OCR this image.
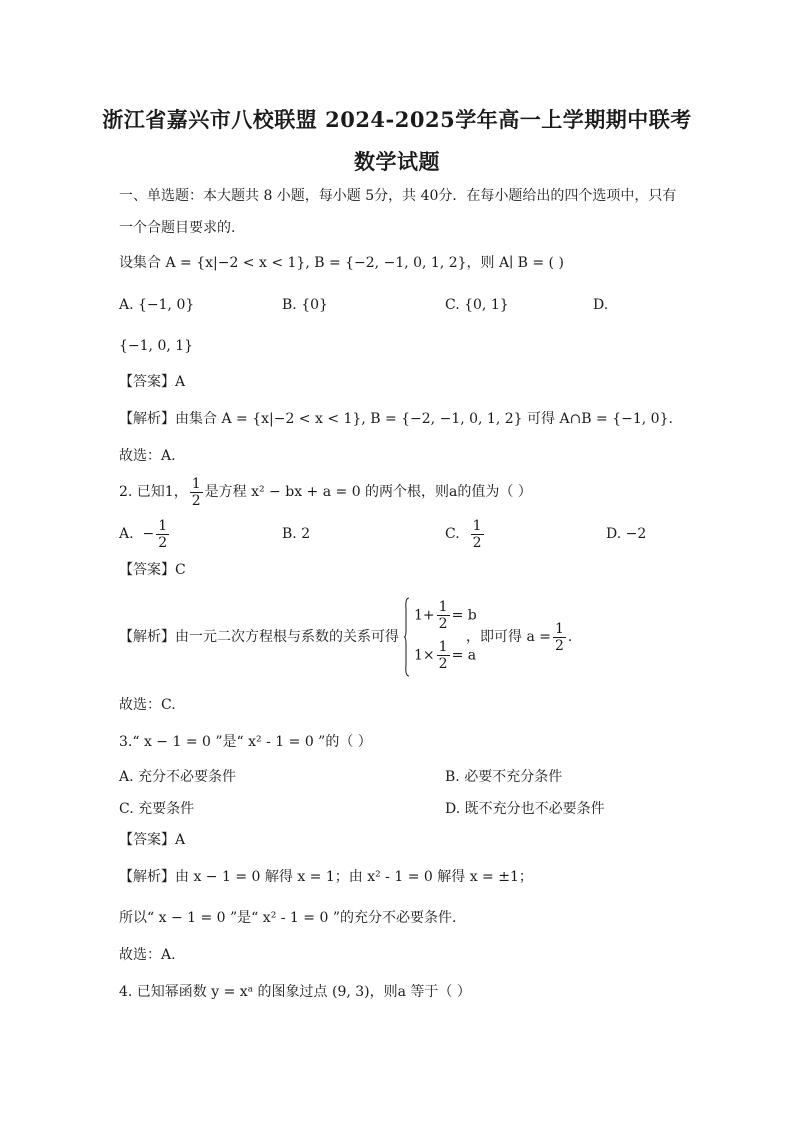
浙江省嘉兴市八校联盟 2024-2025学年高一上学期期中联考
数学试题
一、单选题：本大题共 8 小题，每小题 5分，共 40分．在每小题给出的四个选项中，只有
一个合题目要求的.
设集合 A = {x|−2 < x < 1}, B = {−2, −1, 0, 1, 2}，则 A∣ B = ( )
A. {−1, 0}	B. {0}	C. {0, 1}	D.
{−1, 0, 1}
【答案】A
【解析】由集合 A = {x|−2 < x < 1}, B = {−2, −1, 0, 1, 2} 可得 A∩B = {−1, 0}.
故选：A.
2. 已知1， $\frac{1}{2}$ 是方程 x² − bx + a = 0 的两个根，则a的值为（ ）
A. − $\frac{1}{2}$	B. 2	C. $\frac{1}{2}$	D. −2
【答案】C
【解析】由一元二次方程根与系数的关系可得
$1+ \frac{1}{2} = b$
$1\times \frac{1}{2} = a$
，即可得 $a = \frac{1}{2}$ .
故选：C.
3.“ x − 1 = 0 ”是“ x² - 1 = 0 ”的（ ）
A. 充分不必要条件	B. 必要不充分条件
C. 充要条件	D. 既不充分也不必要条件
【答案】A
【解析】由 x − 1 = 0 解得 x = 1；由 x² - 1 = 0 解得 x = ±1；
所以“ x − 1 = 0 ”是“ x² - 1 = 0 ”的充分不必要条件.
故选：A.
4. 已知幂函数 y = xᵃ 的图象过点 (9, 3)，则a 等于（ ）
